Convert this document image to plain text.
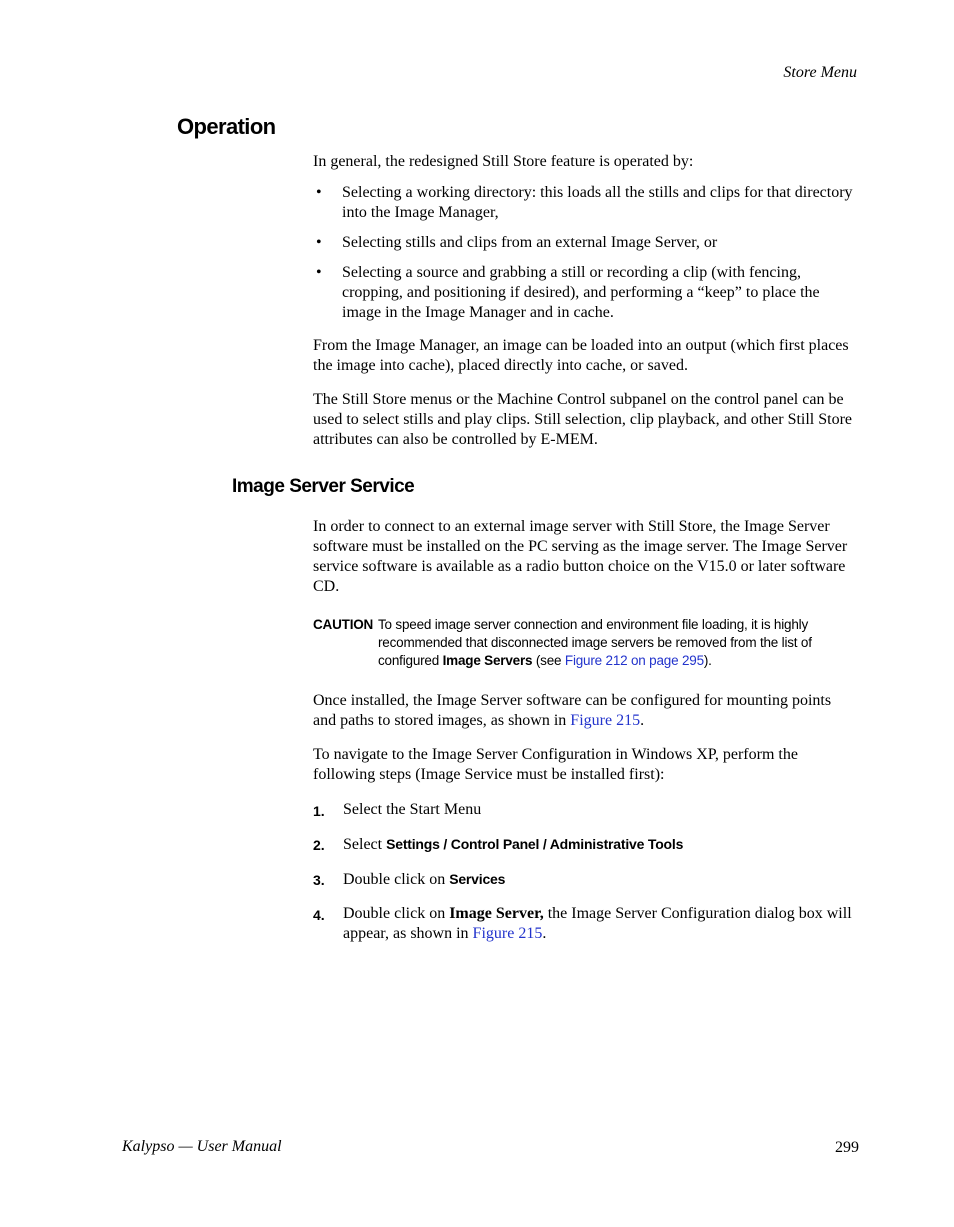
Store Menu
Operation

In general, the redesigned Still Store feature is operated by:

• Selecting a working directory: this loads all the stills and clips for that directory into the Image Manager,
• Selecting stills and clips from an external Image Server, or
• Selecting a source and grabbing a still or recording a clip (with fencing, cropping, and positioning if desired), and performing a “keep” to place the image in the Image Manager and in cache.

From the Image Manager, an image can be loaded into an output (which first places the image into cache), placed directly into cache, or saved.

The Still Store menus or the Machine Control subpanel on the control panel can be used to select stills and play clips. Still selection, clip playback, and other Still Store attributes can also be controlled by E-MEM.

Image Server Service

In order to connect to an external image server with Still Store, the Image Server software must be installed on the PC serving as the image server. The Image Server service software is available as a radio button choice on the V15.0 or later software CD.

CAUTION To speed image server connection and environment file loading, it is highly recommended that disconnected image servers be removed from the list of configured Image Servers (see Figure 212 on page 295).

Once installed, the Image Server software can be configured for mounting points and paths to stored images, as shown in Figure 215.

To navigate to the Image Server Configuration in Windows XP, perform the following steps (Image Service must be installed first):

1. Select the Start Menu
2. Select Settings / Control Panel / Administrative Tools
3. Double click on Services
4. Double click on Image Server, the Image Server Configuration dialog box will appear, as shown in Figure 215.
Kalypso — User Manual	299
